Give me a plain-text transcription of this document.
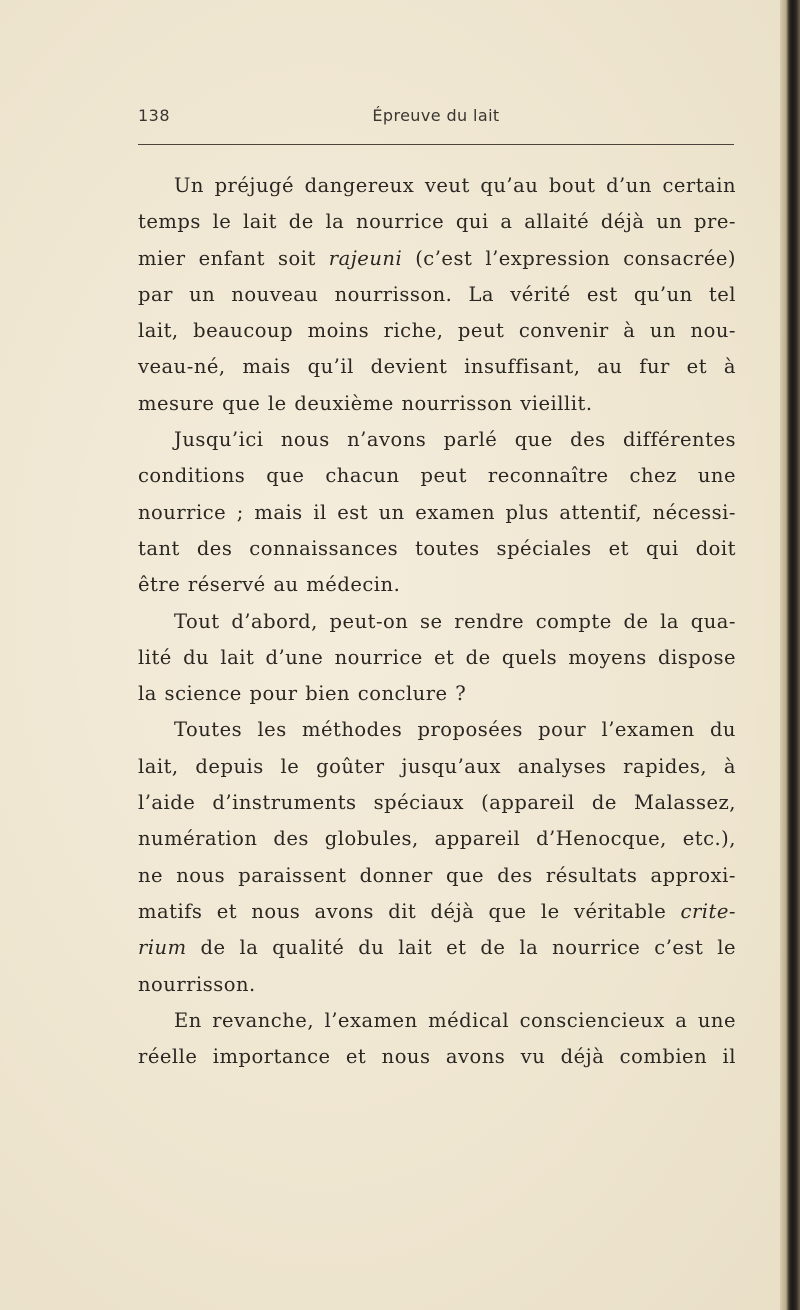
138	Épreuve du lait
Un préjugé dangereux veut qu’au bout d’un certain
temps le lait de la nourrice qui a allaité déjà un pre-
mier enfant soit rajeuni (c’est l’expression consacrée)
par un nouveau nourrisson. La vérité est qu’un tel
lait, beaucoup moins riche, peut convenir à un nou-
veau-né, mais qu’il devient insuffisant, au fur et à
mesure que le deuxième nourrisson vieillit.
Jusqu’ici nous n’avons parlé que des différentes
conditions que chacun peut reconnaître chez une
nourrice ; mais il est un examen plus attentif, nécessi-
tant des connaissances toutes spéciales et qui doit
être réservé au médecin.
Tout d’abord, peut-on se rendre compte de la qua-
lité du lait d’une nourrice et de quels moyens dispose
la science pour bien conclure ?
Toutes les méthodes proposées pour l’examen du
lait, depuis le goûter jusqu’aux analyses rapides, à
l’aide d’instruments spéciaux (appareil de Malassez,
numération des globules, appareil d’Henocque, etc.),
ne nous paraissent donner que des résultats approxi-
matifs et nous avons dit déjà que le véritable crite-
rium de la qualité du lait et de la nourrice c’est le
nourrisson.
En revanche, l’examen médical consciencieux a une
réelle importance et nous avons vu déjà combien il
